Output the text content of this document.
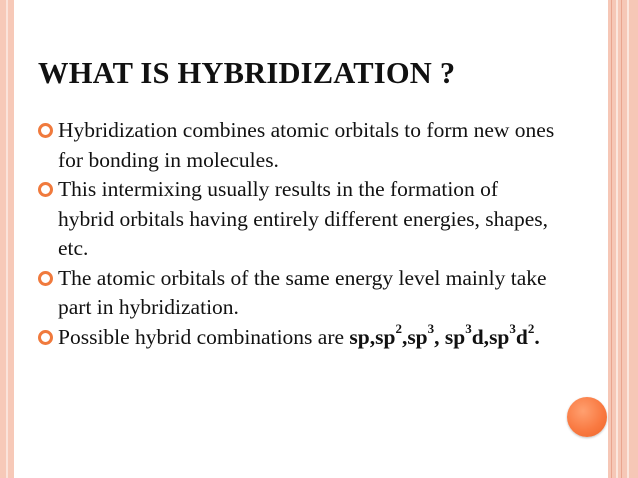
WHAT IS HYBRIDIZATION ?
Hybridization combines atomic orbitals to form new ones for bonding in molecules.
This intermixing usually results in the formation of hybrid orbitals having entirely different energies, shapes, etc.
The atomic orbitals of the same energy level mainly take part in hybridization.
Possible hybrid combinations are $sp,sp^2,sp^3$, $sp^3d,sp^3d^2$.
